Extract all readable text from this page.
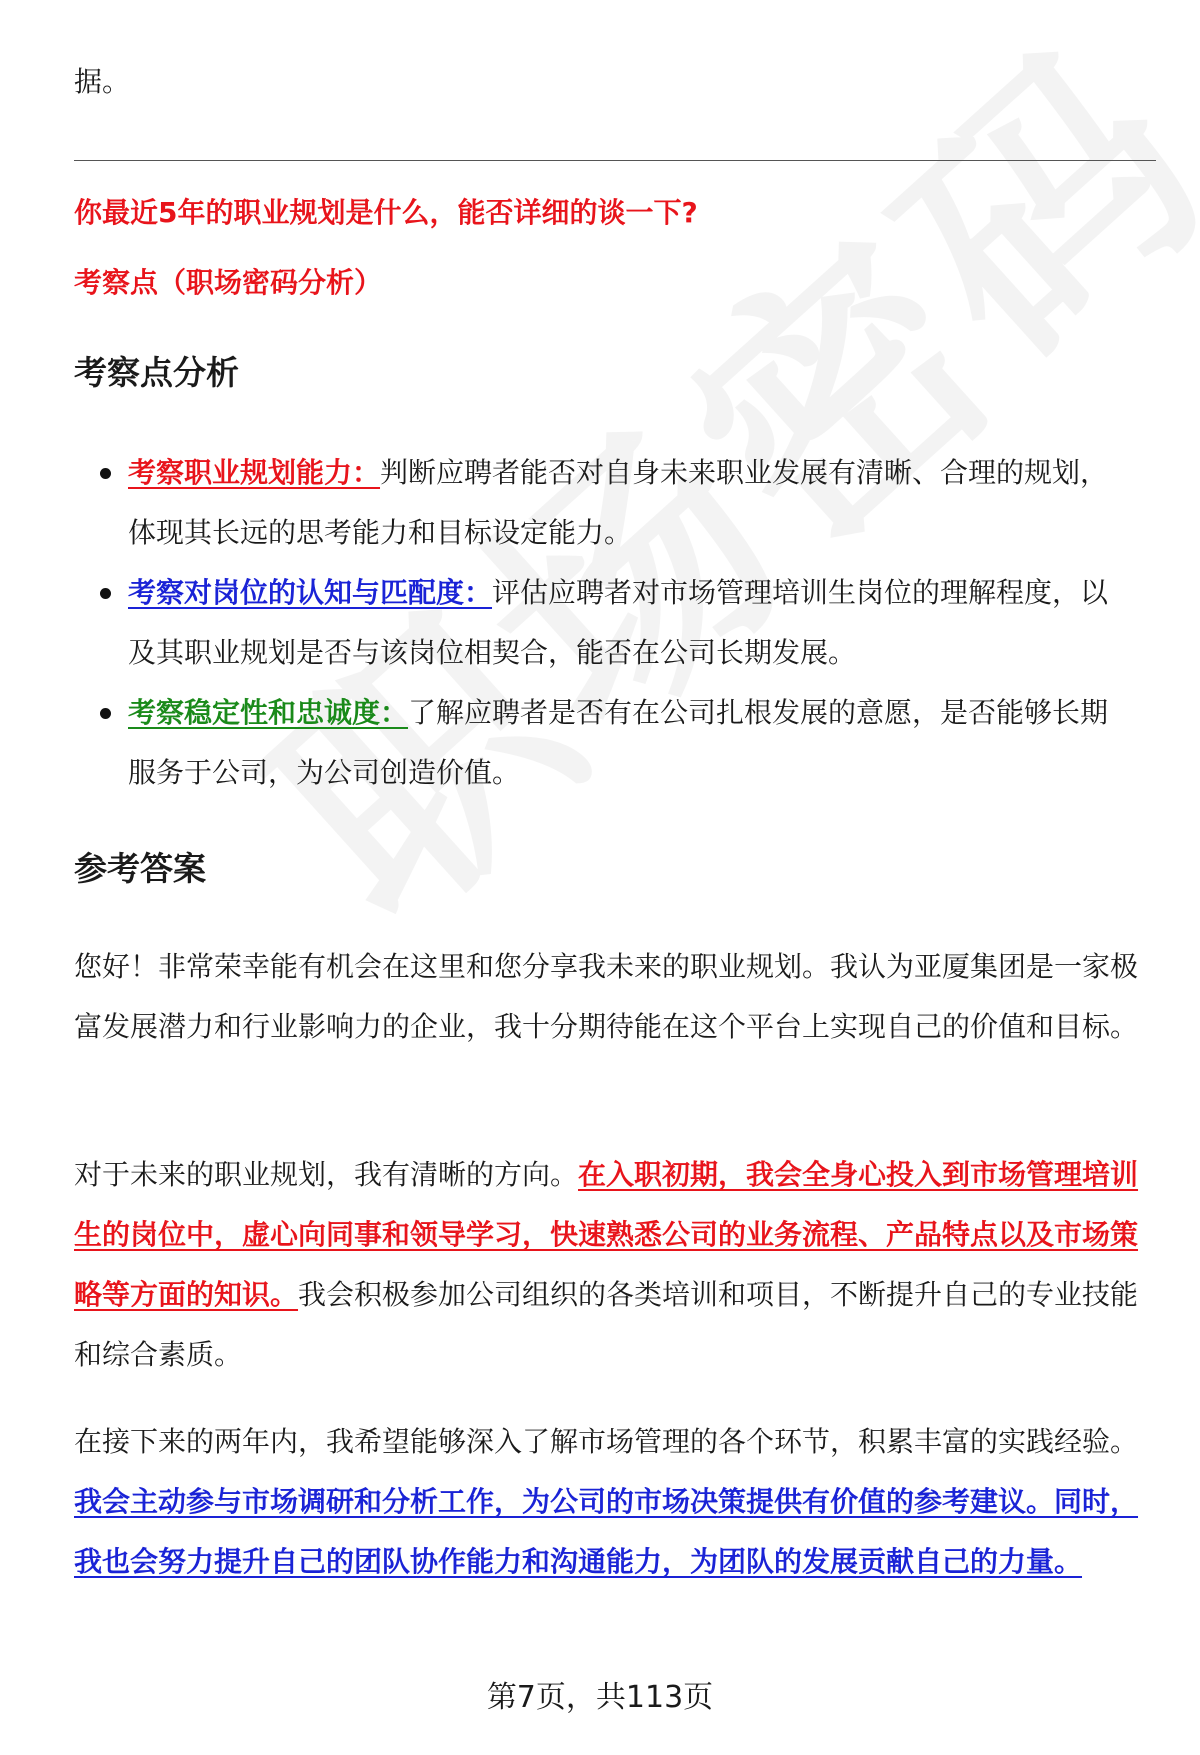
据。

你最近5年的职业规划是什么，能否详细的谈一下?
考察点（职场密码分析）
考察点分析
考察职业规划能力：判断应聘者能否对自身未来职业发展有清晰、合理的规划，体现其长远的思考能力和目标设定能力。
考察对岗位的认知与匹配度：评估应聘者对市场管理培训生岗位的理解程度，以及其职业规划是否与该岗位相契合，能否在公司长期发展。
考察稳定性和忠诚度：了解应聘者是否有在公司扎根发展的意愿，是否能够长期服务于公司，为公司创造价值。
参考答案

您好！非常荣幸能有机会在这里和您分享我未来的职业规划。我认为亚厦集团是一家极富发展潜力和行业影响力的企业，我十分期待能在这个平台上实现自己的价值和目标。

对于未来的职业规划，我有清晰的方向。在入职初期，我会全身心投入到市场管理培训生的岗位中，虚心向同事和领导学习，快速熟悉公司的业务流程、产品特点以及市场策略等方面的知识。我会积极参加公司组织的各类培训和项目，不断提升自己的专业技能和综合素质。

在接下来的两年内，我希望能够深入了解市场管理的各个环节，积累丰富的实践经验。我会主动参与市场调研和分析工作，为公司的市场决策提供有价值的参考建议。同时，我也会努力提升自己的团队协作能力和沟通能力，为团队的发展贡献自己的力量。

第7页，共113页
